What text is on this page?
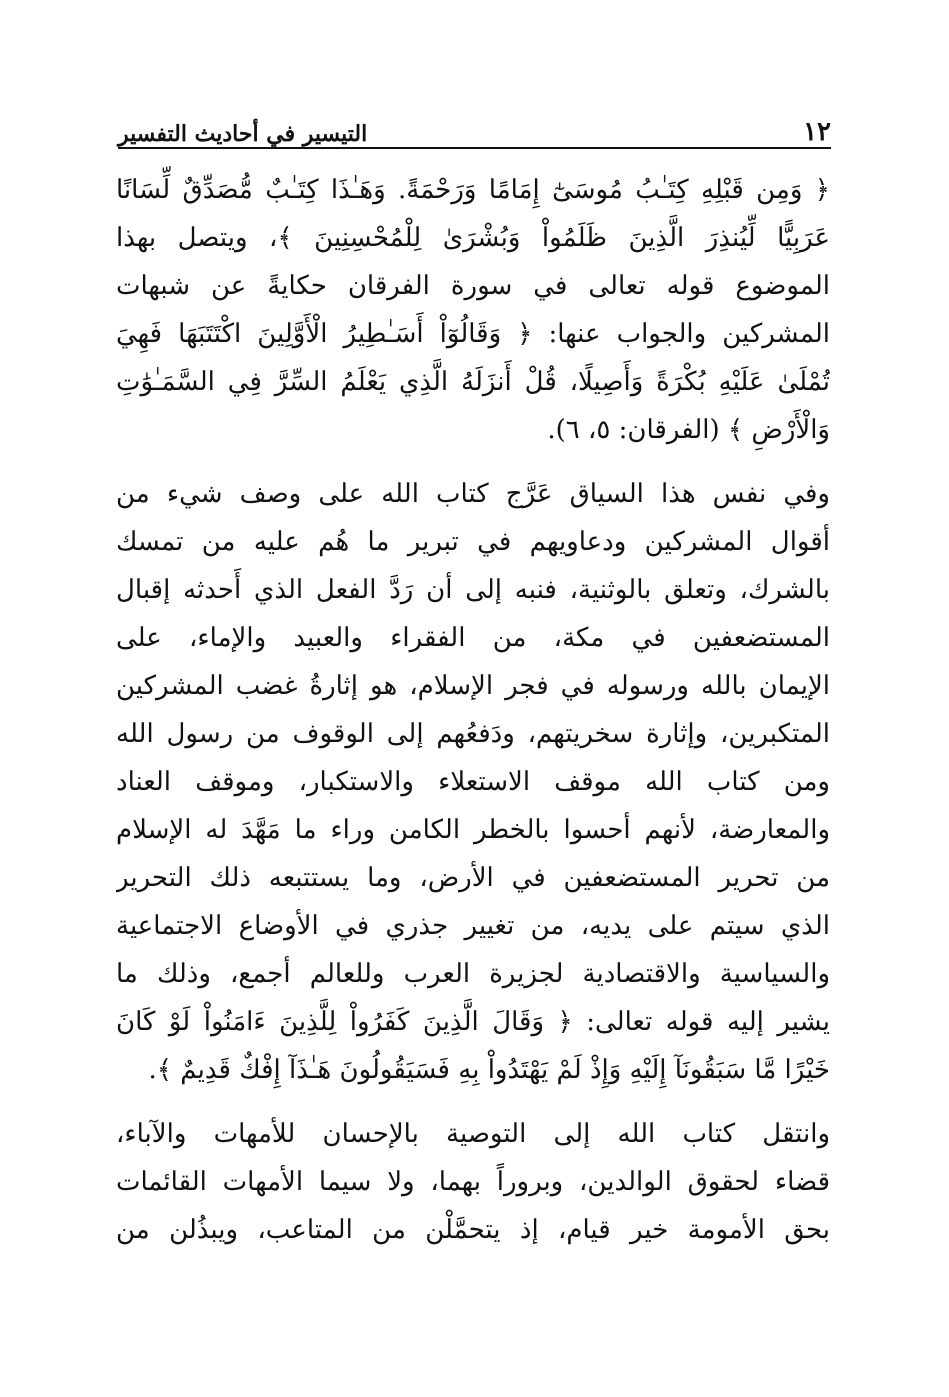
١٢
التيسير في أحاديث التفسير
﴿ وَمِن قَبْلِهِ كِتَـٰبُ مُوسَىٰٓ إِمَامًا وَرَحْمَةً. وَهَـٰذَا كِتَـٰبٌ مُّصَدِّقٌ لِّسَانًا
عَرَبِيًّا لِّيُنذِرَ الَّذِينَ ظَلَمُواْ وَبُشْرَىٰ لِلْمُحْسِنِينَ ﴾، ويتصل بهذا
الموضوع قوله تعالى في سورة الفرقان حكايةً عن شبهات
المشركين والجواب عنها: ﴿ وَقَالُوٓاْ أَسَـٰطِيرُ الْأَوَّلِينَ اكْتَتَبَهَا فَهِيَ
تُمْلَىٰ عَلَيْهِ بُكْرَةً وَأَصِيلًا، قُلْ أَنزَلَهُ الَّذِي يَعْلَمُ السِّرَّ فِي السَّمَـٰوَٰتِ
وَالْأَرْضِ ﴾ (الفرقان: ٥، ٦).
وفي نفس هذا السياق عَرَّج كتاب الله على وصف شيء من
أقوال المشركين ودعاويهم في تبرير ما هُم عليه من تمسك
بالشرك، وتعلق بالوثنية، فنبه إلى أن رَدَّ الفعل الذي أَحدثه إقبال
المستضعفين في مكة، من الفقراء والعبيد والإماء، على
الإيمان بالله ورسوله في فجر الإسلام، هو إثارةُ غضب المشركين
المتكبرين، وإثارة سخريتهم، ودَفعُهم إلى الوقوف من رسول الله
ومن كتاب الله موقف الاستعلاء والاستكبار، وموقف العناد
والمعارضة، لأنهم أحسوا بالخطر الكامن وراء ما مَهَّدَ له الإسلام
من تحرير المستضعفين في الأرض، وما يستتبعه ذلك التحرير
الذي سيتم على يديه، من تغيير جذري في الأوضاع الاجتماعية
والسياسية والاقتصادية لجزيرة العرب وللعالم أجمع، وذلك ما
يشير إليه قوله تعالى: ﴿ وَقَالَ الَّذِينَ كَفَرُواْ لِلَّذِينَ ءَامَنُواْ لَوْ كَانَ
خَيْرًا مَّا سَبَقُونَآ إِلَيْهِ وَإِذْ لَمْ يَهْتَدُواْ بِهِ فَسَيَقُولُونَ هَـٰذَآ إِفْكٌ قَدِيمٌ ﴾.
وانتقل كتاب الله إلى التوصية بالإحسان للأمهات والآباء،
قضاء لحقوق الوالدين، وبروراً بهما، ولا سيما الأمهات القائمات
بحق الأمومة خير قيام، إذ يتحمَّلْن من المتاعب، ويبذُلن من
